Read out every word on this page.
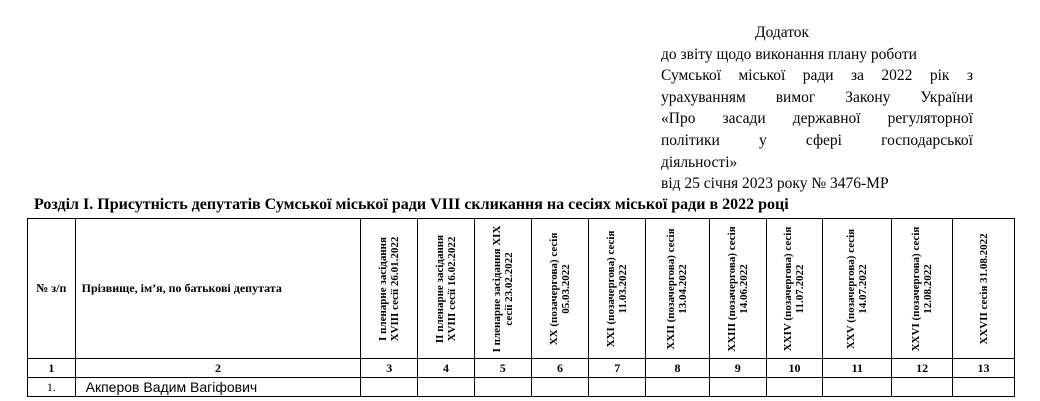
Додаток
до звіту щодо виконання плану роботи
Сумської міської ради за 2022 рік з
урахуванням вимог Закону України
«Про засади державної регуляторної
політики у сфері господарської
діяльності»
від 25 січня 2023 року № 3476-МР
Розділ І. Присутність депутатів Сумської міської ради VIII скликання на сесіях міської ради в 2022 році
№ з/п	Прізвище, ім’я, по батькові депутата	І пленарне засідання XVIII сесії 26.01.2022	ІІ пленарне засідання XVIII сесії 16.02.2022	І пленарне засідання XIX сесії 23.02.2022	XX (позачергова) сесія 05.03.2022	XXI (позачергова) сесія 11.03.2022	XXII (позачергова) сесія 13.04.2022	XXIII (позачергова) сесія 14.06.2022	XXIV (позачергова) сесія 11.07.2022	XXV (позачергова) сесія 14.07.2022	XXVI (позачергова) сесія 12.08.2022	XXVII сесія 31.08.2022

1	2	3	4	5	6	7	8	9	10	11	12	13
1.	Акперов Вадим Вагіфович											
